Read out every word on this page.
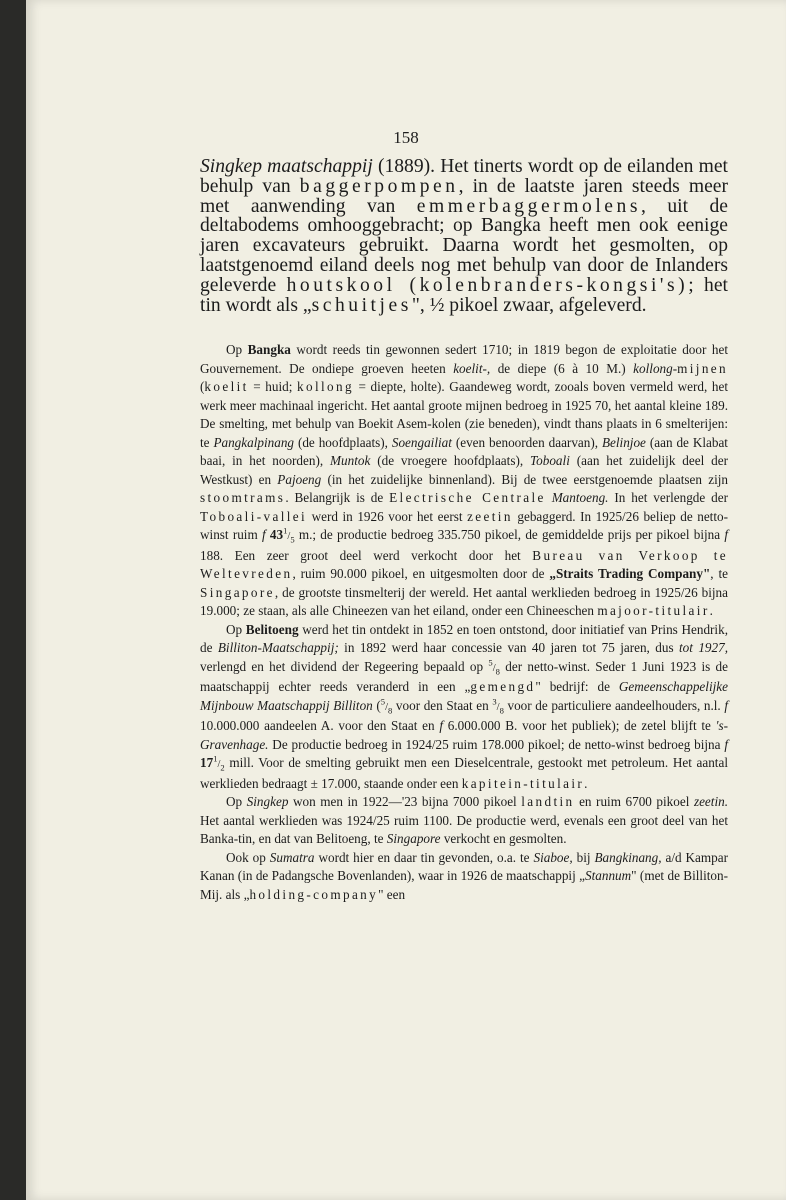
158

Singkep maatschappij (1889). Het tinerts wordt op de eilanden met behulp van baggerpompen, in de laatste jaren steeds meer met aanwending van emmerbaggermolens, uit de deltabodems omhooggebracht; op Bangka heeft men ook eenige jaren excavateurs gebruikt. Daarna wordt het gesmolten, op laatstgenoemd eiland deels nog met behulp van door de Inlanders geleverde houtskool (kolenbranders-kongsi's); het tin wordt als „schuitjes", ½ pikoel zwaar, afgeleverd.

Op Bangka wordt reeds tin gewonnen sedert 1710; in 1819 begon de exploitatie door het Gouvernement. De ondiepe groeven heeten koelit-, de diepe (6 à 10 M.) kollong-mijnen (koelit = huid; kollong = diepte, holte). Gaandeweg wordt, zooals boven vermeld werd, het werk meer machinaal ingericht. Het aantal groote mijnen bedroeg in 1925 70, het aantal kleine 189. De smelting, met behulp van Boekit Asem-kolen (zie beneden), vindt thans plaats in 6 smelterijen: te Pangkalpinang (de hoofdplaats), Soengailiat (even benoorden daarvan), Belinjoe (aan de Klabat baai, in het noorden), Muntok (de vroegere hoofdplaats), Toboali (aan het zuidelijk deel der Westkust) en Pajoeng (in het zuidelijke binnenland). Bij de twee eerstgenoemde plaatsen zijn stoomtrams. Belangrijk is de Electrische Centrale Mantoeng. In het verlengde der Toboali-vallei werd in 1926 voor het eerst zeetin gebaggerd. In 1925/26 beliep de netto-winst ruim f $43^1/_5$ m.; de productie bedroeg 335.750 pikoel, de gemiddelde prijs per pikoel bijna f 188. Een zeer groot deel werd verkocht door het Bureau van Verkoop te Weltevreden, ruim 90.000 pikoel, en uitgesmolten door de „Straits Trading Company", te Singapore, de grootste tinsmelterij der wereld. Het aantal werklieden bedroeg in 1925/26 bijna 19.000; ze staan, als alle Chineezen van het eiland, onder een Chineeschen majoor-titulair.

Op Belitoeng werd het tin ontdekt in 1852 en toen ontstond, door initiatief van Prins Hendrik, de Billiton-Maatschappij; in 1892 werd haar concessie van 40 jaren tot 75 jaren, dus tot 1927, verlengd en het dividend der Regeering bepaald op $^5/_8$ der netto-winst. Seder 1 Juni 1923 is de maatschappij echter reeds veranderd in een „gemengd" bedrijf: de Gemeenschappelijke Mijnbouw Maatschappij Billiton ($^5/_8$ voor den Staat en $^3/_8$ voor de particuliere aandeelhouders, n.l. f 10.000.000 aandeelen A. voor den Staat en f 6.000.000 B. voor het publiek); de zetel blijft te 's-Gravenhage. De productie bedroeg in 1924/25 ruim 178.000 pikoel; de netto-winst bedroeg bijna f $17^1/_2$ mill. Voor de smelting gebruikt men een Dieselcentrale, gestookt met petroleum. Het aantal werklieden bedraagt ± 17.000, staande onder een kapitein-titulair.

Op Singkep won men in 1922—'23 bijna 7000 pikoel landtin en ruim 6700 pikoel zeetin. Het aantal werklieden was 1924/25 ruim 1100. De productie werd, evenals een groot deel van het Banka-tin, en dat van Belitoeng, te Singapore verkocht en gesmolten.

Ook op Sumatra wordt hier en daar tin gevonden, o.a. te Siaboe, bij Bangkinang, a/d Kampar Kanan (in de Padangsche Bovenlanden), waar in 1926 de maatschappij „Stannum" (met de Billiton-Mij. als „holding-company" een
